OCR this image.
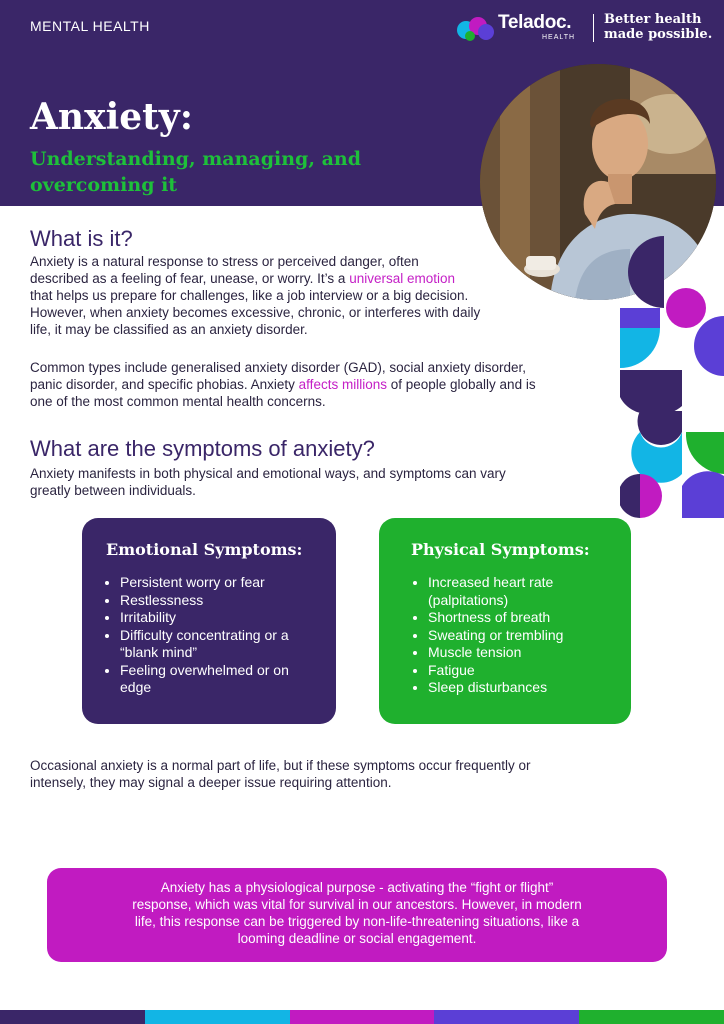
MENTAL HEALTH	Teladoc.
HEALTH
Better health
made possible.
Anxiety:
Understanding, managing, and overcoming it
What is it?
Anxiety is a natural response to stress or perceived danger, often
described as a feeling of fear, unease, or worry. It’s a universal emotion
that helps us prepare for challenges, like a job interview or a big decision.
However, when anxiety becomes excessive, chronic, or interferes with daily
life, it may be classified as an anxiety disorder.
Common types include generalised anxiety disorder (GAD), social anxiety disorder,
panic disorder, and specific phobias. Anxiety affects millions of people globally and is
one of the most common mental health concerns.
What are the symptoms of anxiety?
Anxiety manifests in both physical and emotional ways, and symptoms can vary
greatly between individuals.
Emotional Symptoms:
• Persistent worry or fear
• Restlessness
• Irritability
• Difficulty concentrating or a “blank mind”
• Feeling overwhelmed or on edge
Physical Symptoms:
• Increased heart rate (palpitations)
• Shortness of breath
• Sweating or trembling
• Muscle tension
• Fatigue
• Sleep disturbances
Occasional anxiety is a normal part of life, but if these symptoms occur frequently or
intensely, they may signal a deeper issue requiring attention.
Anxiety has a physiological purpose - activating the “fight or flight”
response, which was vital for survival in our ancestors. However, in modern
life, this response can be triggered by non-life-threatening situations, like a
looming deadline or social engagement.
